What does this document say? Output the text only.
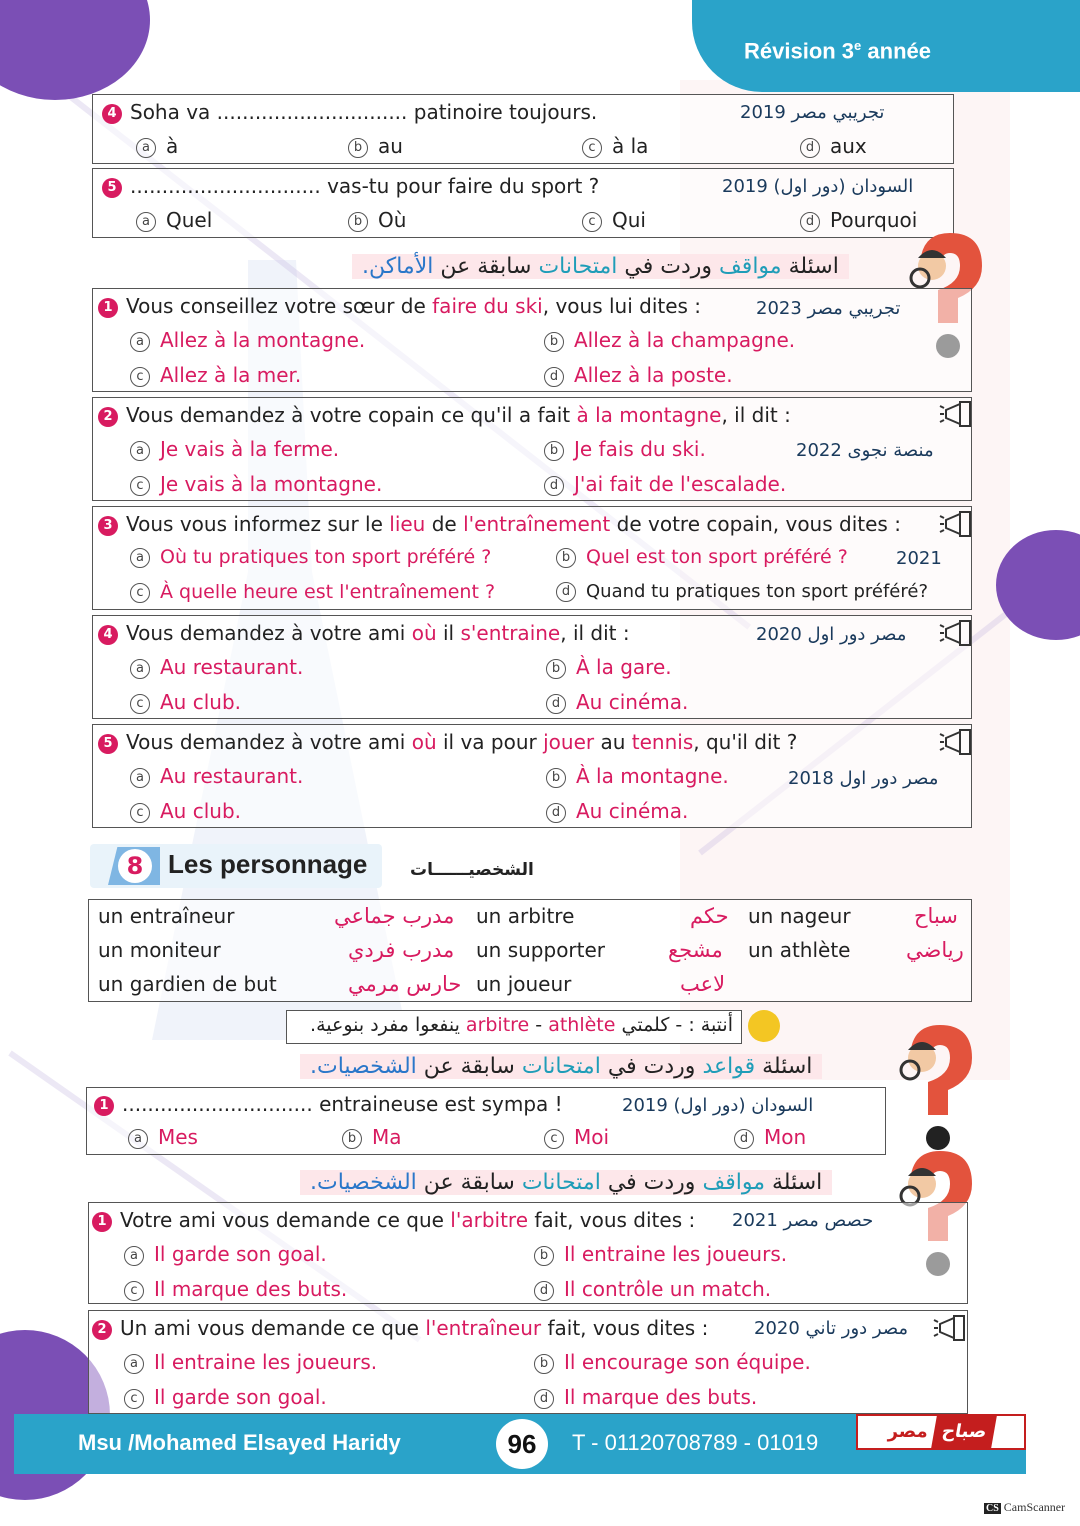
Révision 3e année
4 Soha va .............................. patinoire toujours.	تجريبي مصر 2019
a à	b au	c à la	d aux
5 .............................. vas-tu pour faire du sport ?	السودان (دور اول) 2019
a Quel	b Où	c Qui	d Pourquoi
اسئلة مواقف وردت في امتحانات سابقة عن الأماكن.
1 Vous conseillez votre sœur de faire du ski, vous lui dites :	تجريبي مصر 2023
a Allez à la montagne.	b Allez à la champagne.
c Allez à la mer.	d Allez à la poste.
2 Vous demandez à votre copain ce qu'il a fait à la montagne, il dit :
منصة نجوى 2022
a Je vais à la ferme.	b Je fais du ski.
c Je vais à la montagne.	d J'ai fait de l'escalade.
3 Vous vous informez sur le lieu de l'entraînement de votre copain, vous dites :
2021
a Où tu pratiques ton sport préféré ?	b Quel est ton sport préféré ?
c À quelle heure est l'entraînement ?	d Quand tu pratiques ton sport préféré?
4 Vous demandez à votre ami où il s'entraine, il dit :	مصر دور اول 2020
a Au restaurant.	b À la gare.
c Au club.	d Au cinéma.
5 Vous demandez à votre ami où il va pour jouer au tennis, qu'il dit ?
مصر دور اول 2018
a Au restaurant.	b À la montagne.
c Au club.	d Au cinéma.
8 Les personnage	الشخصيــــــات
un entraîneur	مدرب جماعي un arbitre	حكم un nageur	سباح
un moniteur	مدرب فردي un supporter	مشجع un athlète	رياضي
un gardien de but	حارس مرمي un joueur	لاعب
أنتبة : - كلمتي arbitre - athlète ينفعوا مفرد بنوعية.
اسئلة قواعد وردت في امتحانات سابقة عن الشخصيات.
1 .............................. entraineuse est sympa !	السودان (دور اول) 2019
a Mes	b Ma	c Moi	d Mon
اسئلة مواقف وردت في امتحانات سابقة عن الشخصيات.
1 Votre ami vous demande ce que l'arbitre fait, vous dites : حصص مصر 2021
a Il garde son goal.	b Il entraine les joueurs.
c Il marque des buts.	d Il contrôle un match.
2 Un ami vous demande ce que l'entraîneur fait, vous dites :	مصر دور تاني 2020
a Il entraine les joueurs.	b Il encourage son équipe.
c Il garde son goal.	d Il marque des buts.
Msu /Mohamed Elsayed Haridy	96	T - 01120708789 - 01019	صباح مصر
CS CamScanner
